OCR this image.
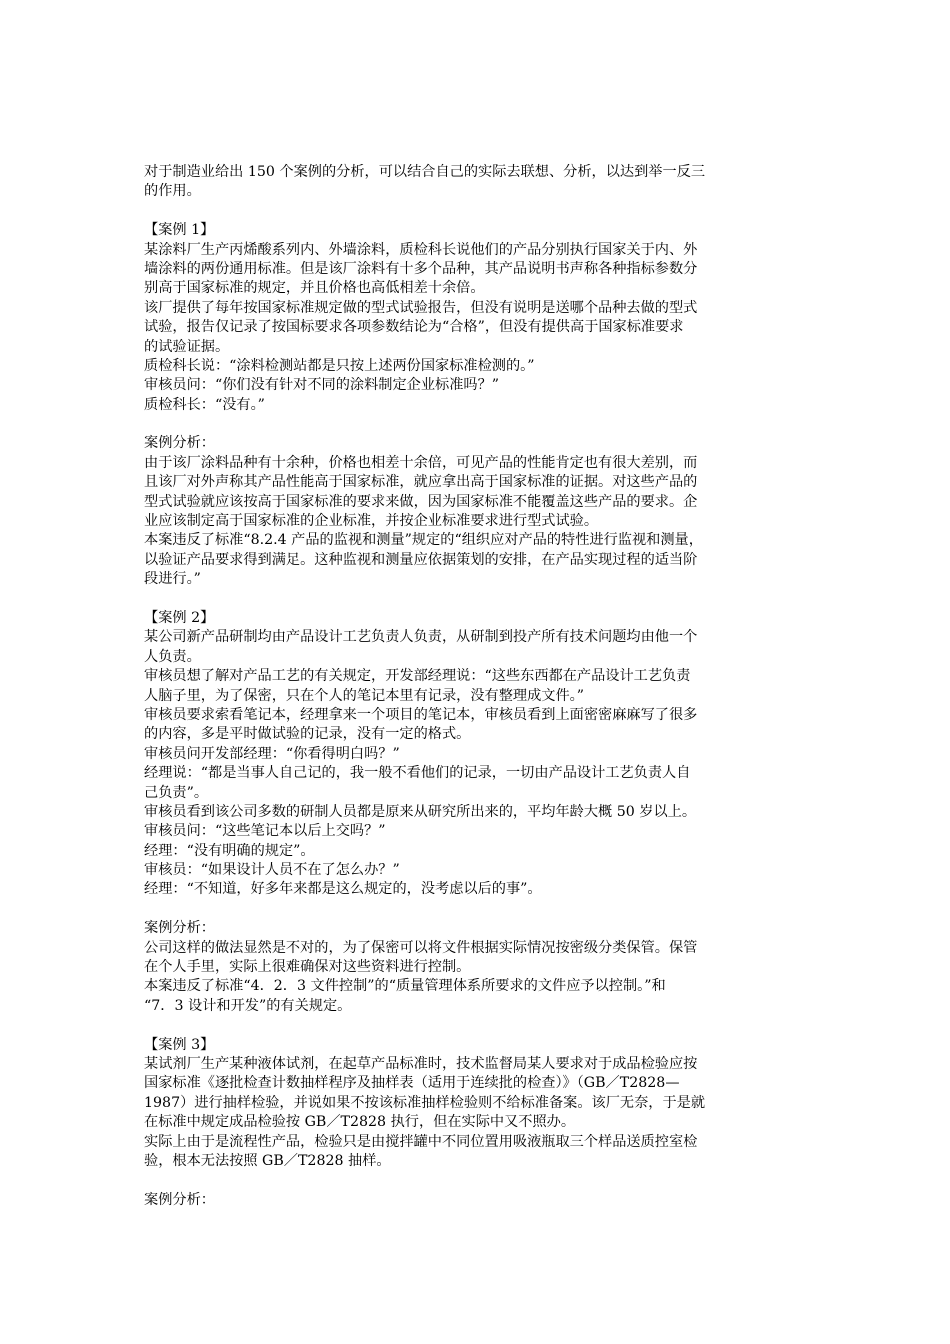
对于制造业给出 150 个案例的分析，可以结合自己的实际去联想、分析，以达到举一反三
的作用。
【案例 1】
某涂料厂生产丙烯酸系列内、外墙涂料，质检科长说他们的产品分别执行国家关于内、外
墙涂料的两份通用标准。但是该厂涂料有十多个品种，其产品说明书声称各种指标参数分
别高于国家标准的规定，并且价格也高低相差十余倍。
该厂提供了每年按国家标准规定做的型式试验报告，但没有说明是送哪个品种去做的型式
试验，报告仅记录了按国标要求各项参数结论为“合格”，但没有提供高于国家标准要求
的试验证据。
质检科长说：“涂料检测站都是只按上述两份国家标准检测的。”
审核员问：“你们没有针对不同的涂料制定企业标准吗？”
质检科长：“没有。”
案例分析：
由于该厂涂料品种有十余种，价格也相差十余倍，可见产品的性能肯定也有很大差别，而
且该厂对外声称其产品性能高于国家标准，就应拿出高于国家标准的证据。对这些产品的
型式试验就应该按高于国家标准的要求来做，因为国家标准不能覆盖这些产品的要求。企
业应该制定高于国家标准的企业标准，并按企业标准要求进行型式试验。
本案违反了标准“8.2.4 产品的监视和测量”规定的“组织应对产品的特性进行监视和测量，
以验证产品要求得到满足。这种监视和测量应依据策划的安排，在产品实现过程的适当阶
段进行。”
【案例 2】
某公司新产品研制均由产品设计工艺负责人负责，从研制到投产所有技术问题均由他一个
人负责。
审核员想了解对产品工艺的有关规定，开发部经理说：“这些东西都在产品设计工艺负责
人脑子里，为了保密，只在个人的笔记本里有记录，没有整理成文件。”
审核员要求索看笔记本，经理拿来一个项目的笔记本，审核员看到上面密密麻麻写了很多
的内容，多是平时做试验的记录，没有一定的格式。
审核员问开发部经理：“你看得明白吗？”
经理说：“都是当事人自己记的，我一般不看他们的记录，一切由产品设计工艺负责人自
己负责”。
审核员看到该公司多数的研制人员都是原来从研究所出来的，平均年龄大概 50 岁以上。
审核员问：“这些笔记本以后上交吗？”
经理：“没有明确的规定”。
审核员：“如果设计人员不在了怎么办？”
经理：“不知道，好多年来都是这么规定的，没考虑以后的事”。
案例分析：
公司这样的做法显然是不对的，为了保密可以将文件根据实际情况按密级分类保管。保管
在个人手里，实际上很难确保对这些资料进行控制。
本案违反了标准“4．2．3 文件控制”的“质量管理体系所要求的文件应予以控制。”和
“7．3 设计和开发”的有关规定。
【案例 3】
某试剂厂生产某种液体试剂，在起草产品标准时，技术监督局某人要求对于成品检验应按
国家标准《逐批检查计数抽样程序及抽样表（适用于连续批的检查）》（GB／T2828—
1987）进行抽样检验，并说如果不按该标准抽样检验则不给标准备案。该厂无奈，于是就
在标准中规定成品检验按 GB／T2828 执行，但在实际中又不照办。
实际上由于是流程性产品，检验只是由搅拌罐中不同位置用吸液瓶取三个样品送质控室检
验，根本无法按照 GB／T2828 抽样。
案例分析：
